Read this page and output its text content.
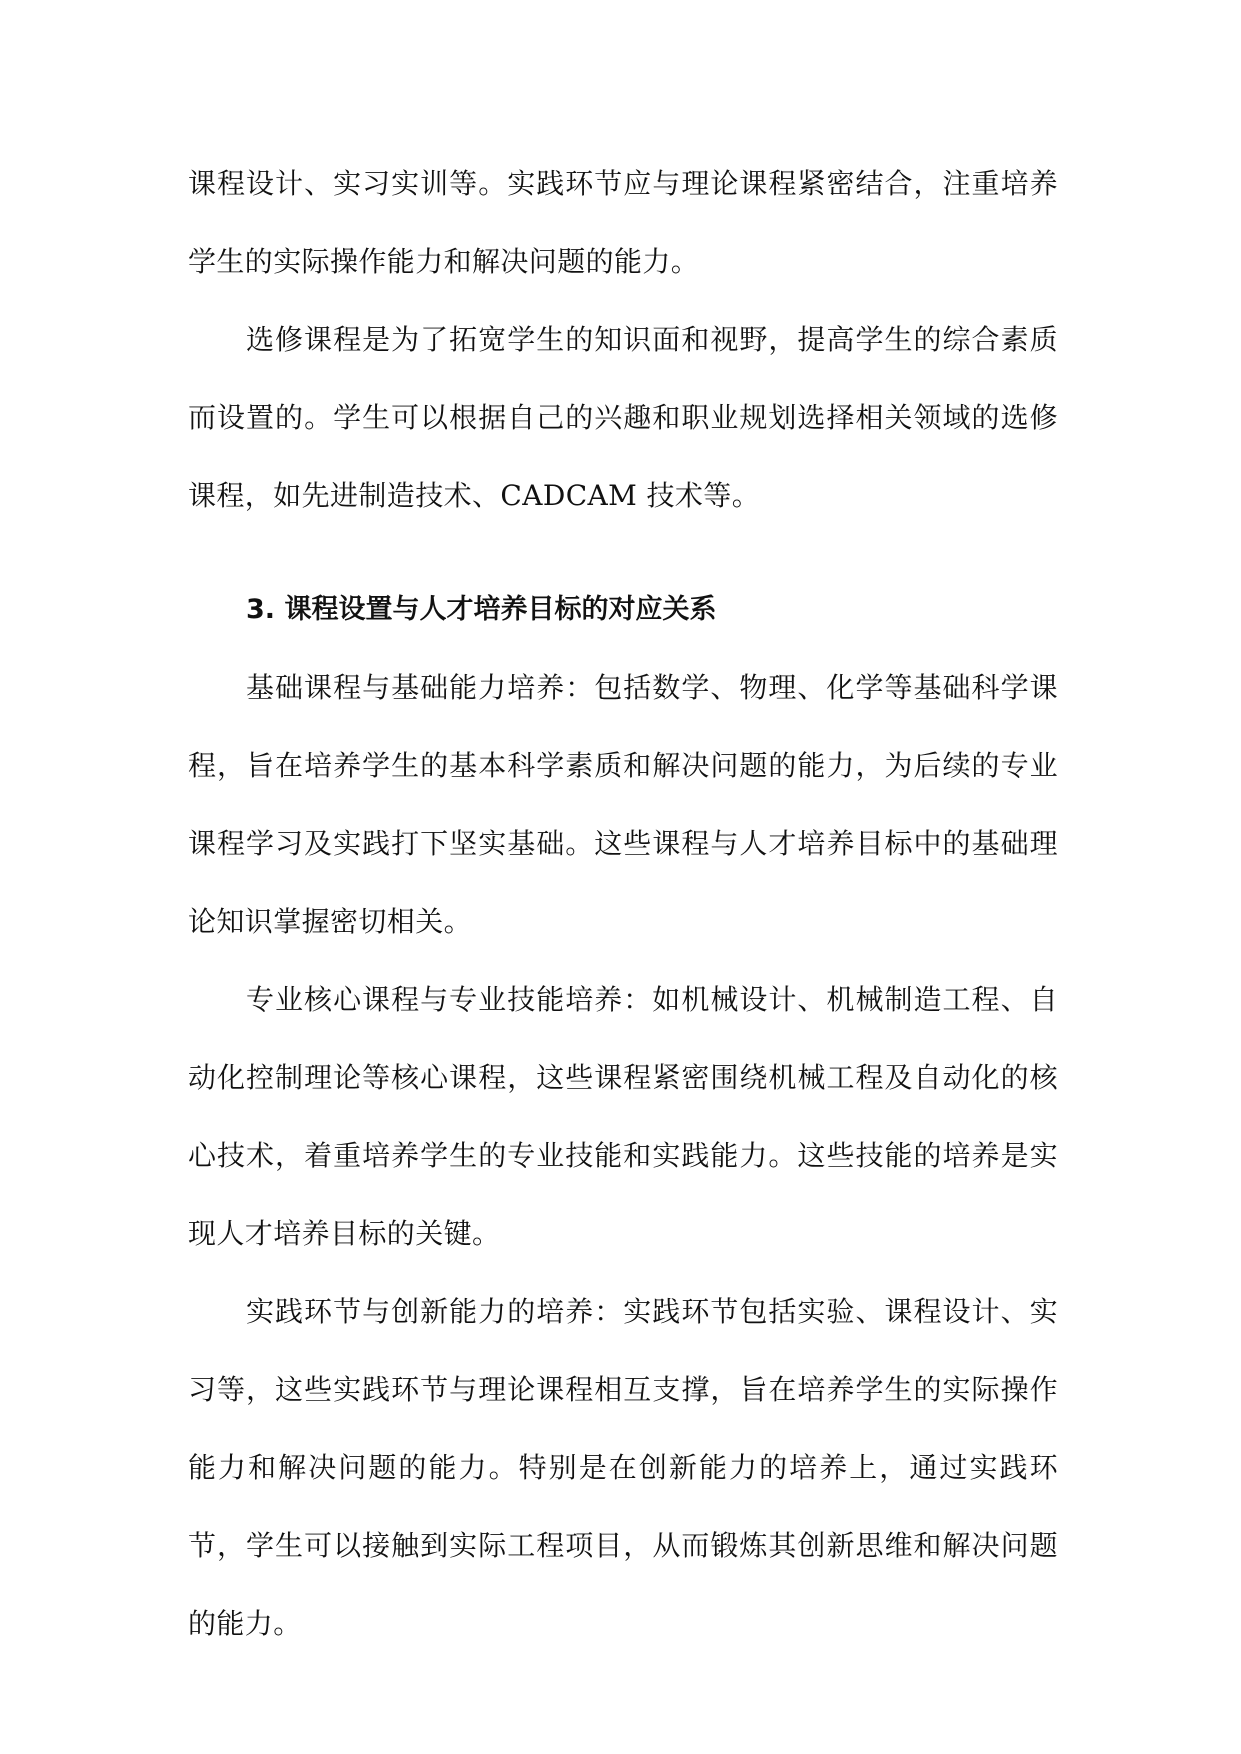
课程设计、实习实训等。实践环节应与理论课程紧密结合，注重培养学生的实际操作能力和解决问题的能力。

选修课程是为了拓宽学生的知识面和视野，提高学生的综合素质而设置的。学生可以根据自己的兴趣和职业规划选择相关领域的选修课程，如先进制造技术、CADCAM 技术等。

3. 课程设置与人才培养目标的对应关系

基础课程与基础能力培养：包括数学、物理、化学等基础科学课程，旨在培养学生的基本科学素质和解决问题的能力，为后续的专业课程学习及实践打下坚实基础。这些课程与人才培养目标中的基础理论知识掌握密切相关。

专业核心课程与专业技能培养：如机械设计、机械制造工程、自动化控制理论等核心课程，这些课程紧密围绕机械工程及自动化的核心技术，着重培养学生的专业技能和实践能力。这些技能的培养是实现人才培养目标的关键。

实践环节与创新能力的培养：实践环节包括实验、课程设计、实习等，这些实践环节与理论课程相互支撑，旨在培养学生的实际操作能力和解决问题的能力。特别是在创新能力的培养上，通过实践环节，学生可以接触到实际工程项目，从而锻炼其创新思维和解决问题的能力。
